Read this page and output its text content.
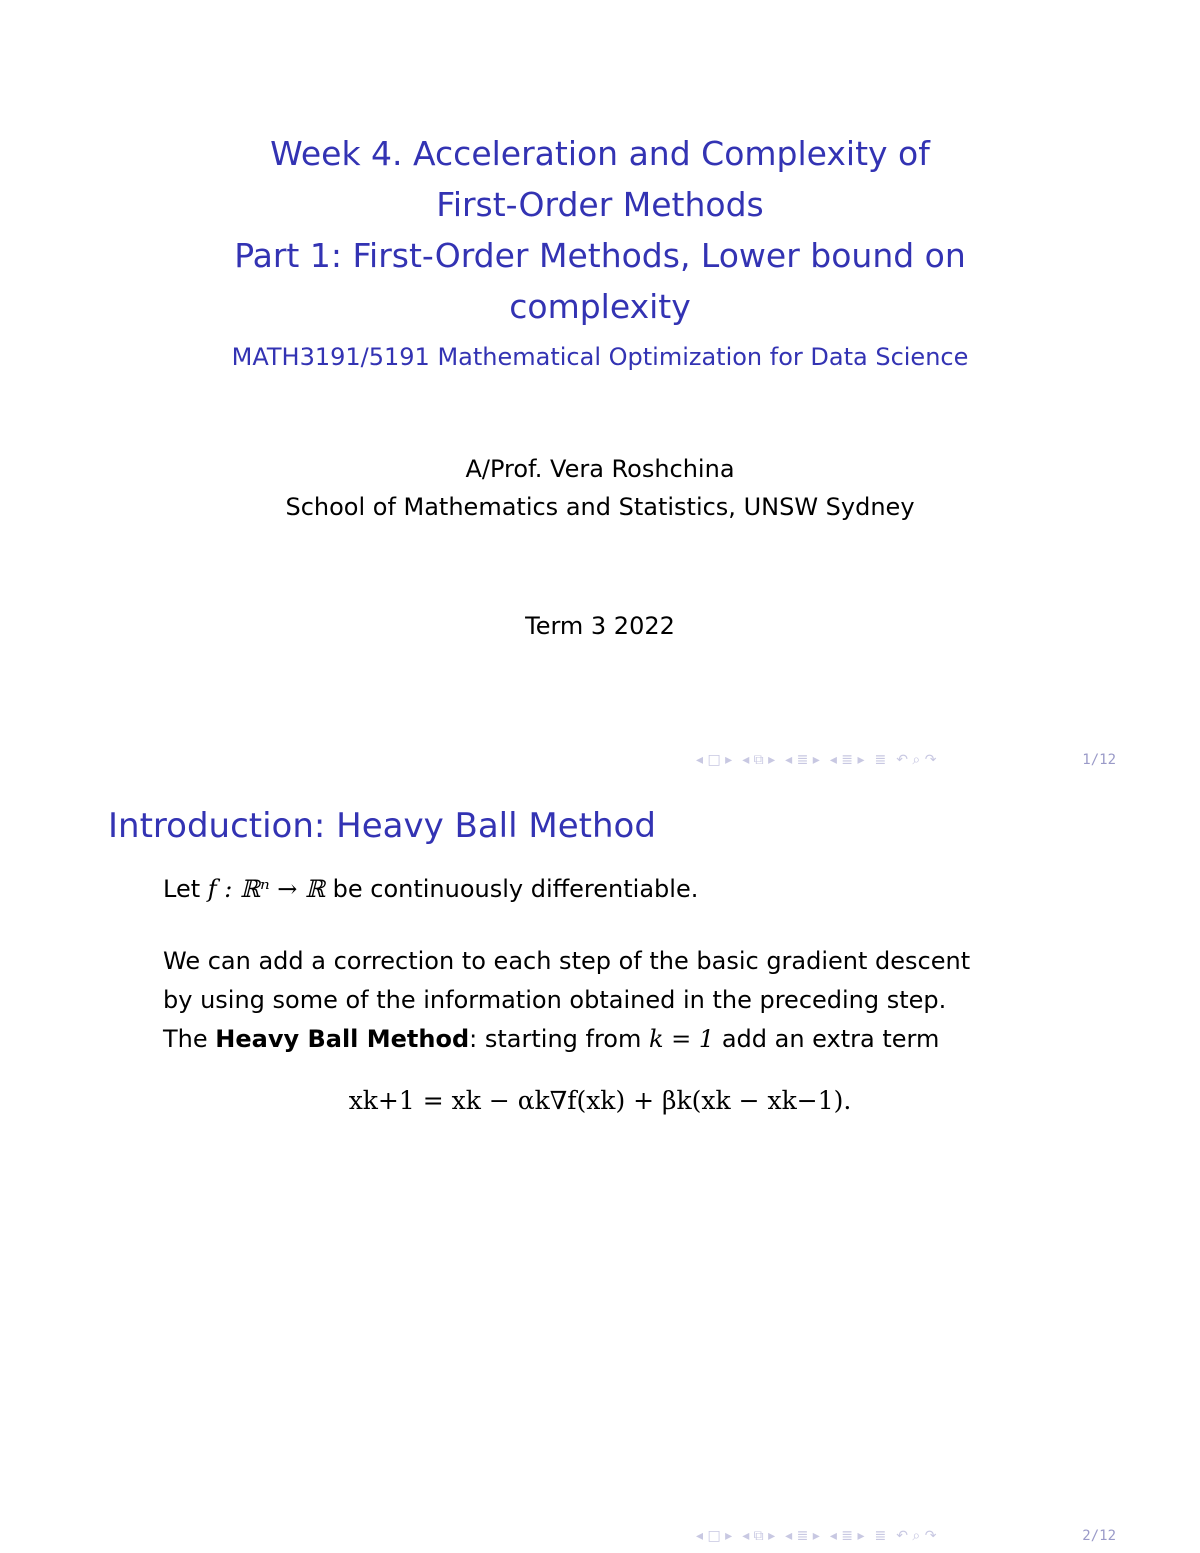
Week 4. Acceleration and Complexity of
First-Order Methods
Part 1: First-Order Methods, Lower bound on
complexity
MATH3191/5191 Mathematical Optimization for Data Science
A/Prof. Vera Roshchina
School of Mathematics and Statistics, UNSW Sydney
Term 3 2022
◂ □ ▸ ◂ ⧉ ▸ ◂ ≣ ▸ ◂ ≣ ▸ ≣ ↶ ⌕ ↷	1/12
Introduction: Heavy Ball Method

Let f : ℝⁿ → ℝ be continuously differentiable.

We can add a correction to each step of the basic gradient descent

by using some of the information obtained in the preceding step.

The Heavy Ball Method: starting from k = 1 add an extra term

xk+1 = xk − αk∇f(xk) + βk(xk − xk−1).
◂ □ ▸ ◂ ⧉ ▸ ◂ ≣ ▸ ◂ ≣ ▸ ≣ ↶ ⌕ ↷	2/12
